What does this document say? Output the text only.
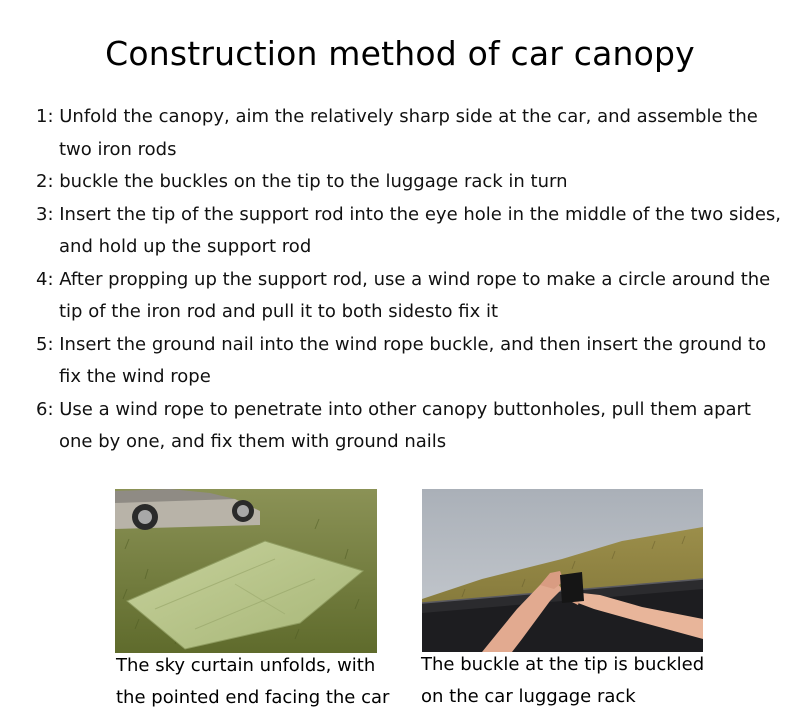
Construction method of car canopy
1: Unfold the canopy, aim the relatively sharp side at the car, and assemble the two iron rods
2: buckle the buckles on the tip to the luggage rack in turn
3: Insert the tip of the support rod into the eye hole in the middle of the two sides, and hold up the support rod
4: After propping up the support rod, use a wind rope to make a circle around the tip of the iron rod and pull it to both sidesto fix it
5: Insert the ground nail into the wind rope buckle, and then insert the ground to fix the wind rope
6: Use a wind rope to penetrate into other canopy buttonholes, pull them apart one by one, and fix them with ground nails

The sky curtain unfolds, with the pointed end facing the car

The buckle at the tip is buckled on the car luggage rack
